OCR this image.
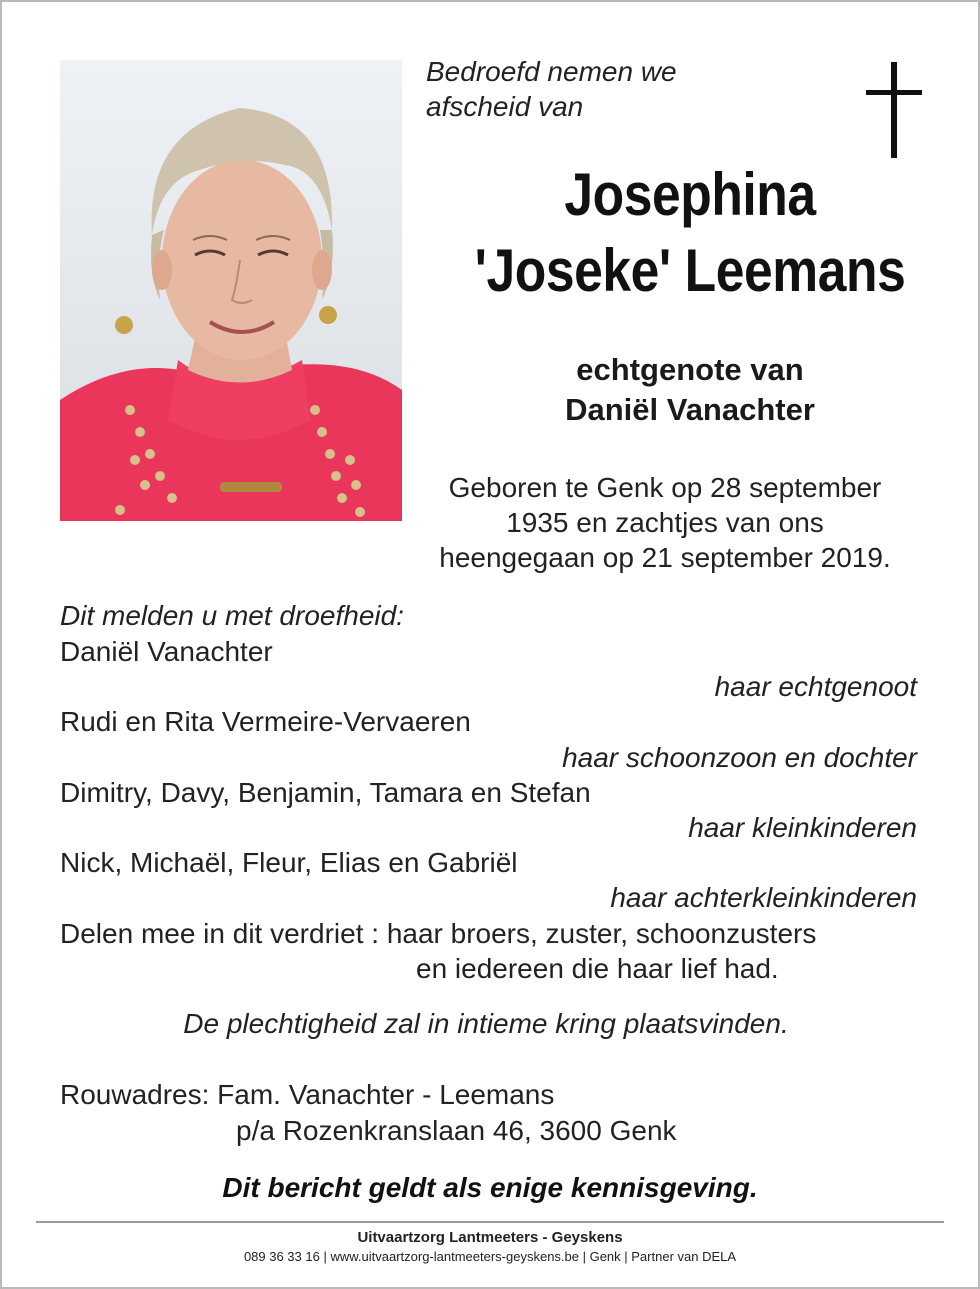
Bedroefd nemen we
afscheid van
Josephina
'Joseke' Leemans
echtgenote van
Daniël Vanachter
Geboren te Genk op 28 september
1935 en zachtjes van ons
heengegaan op 21 september 2019.
Dit melden u met droefheid:
Daniël Vanachter
haar echtgenoot
Rudi en Rita Vermeire-Vervaeren
haar schoonzoon en dochter
Dimitry, Davy, Benjamin, Tamara en Stefan
haar kleinkinderen
Nick, Michaël, Fleur, Elias en Gabriël
haar achterkleinkinderen
Delen mee in dit verdriet : haar broers, zuster, schoonzusters
en iedereen die haar lief had.
De plechtigheid zal in intieme kring plaatsvinden.
Rouwadres: Fam. Vanachter - Leemans
p/a Rozenkranslaan 46, 3600 Genk
Dit bericht geldt als enige kennisgeving.
Uitvaartzorg Lantmeeters - Geyskens
089 36 33 16 | www.uitvaartzorg-lantmeeters-geyskens.be | Genk | Partner van DELA
